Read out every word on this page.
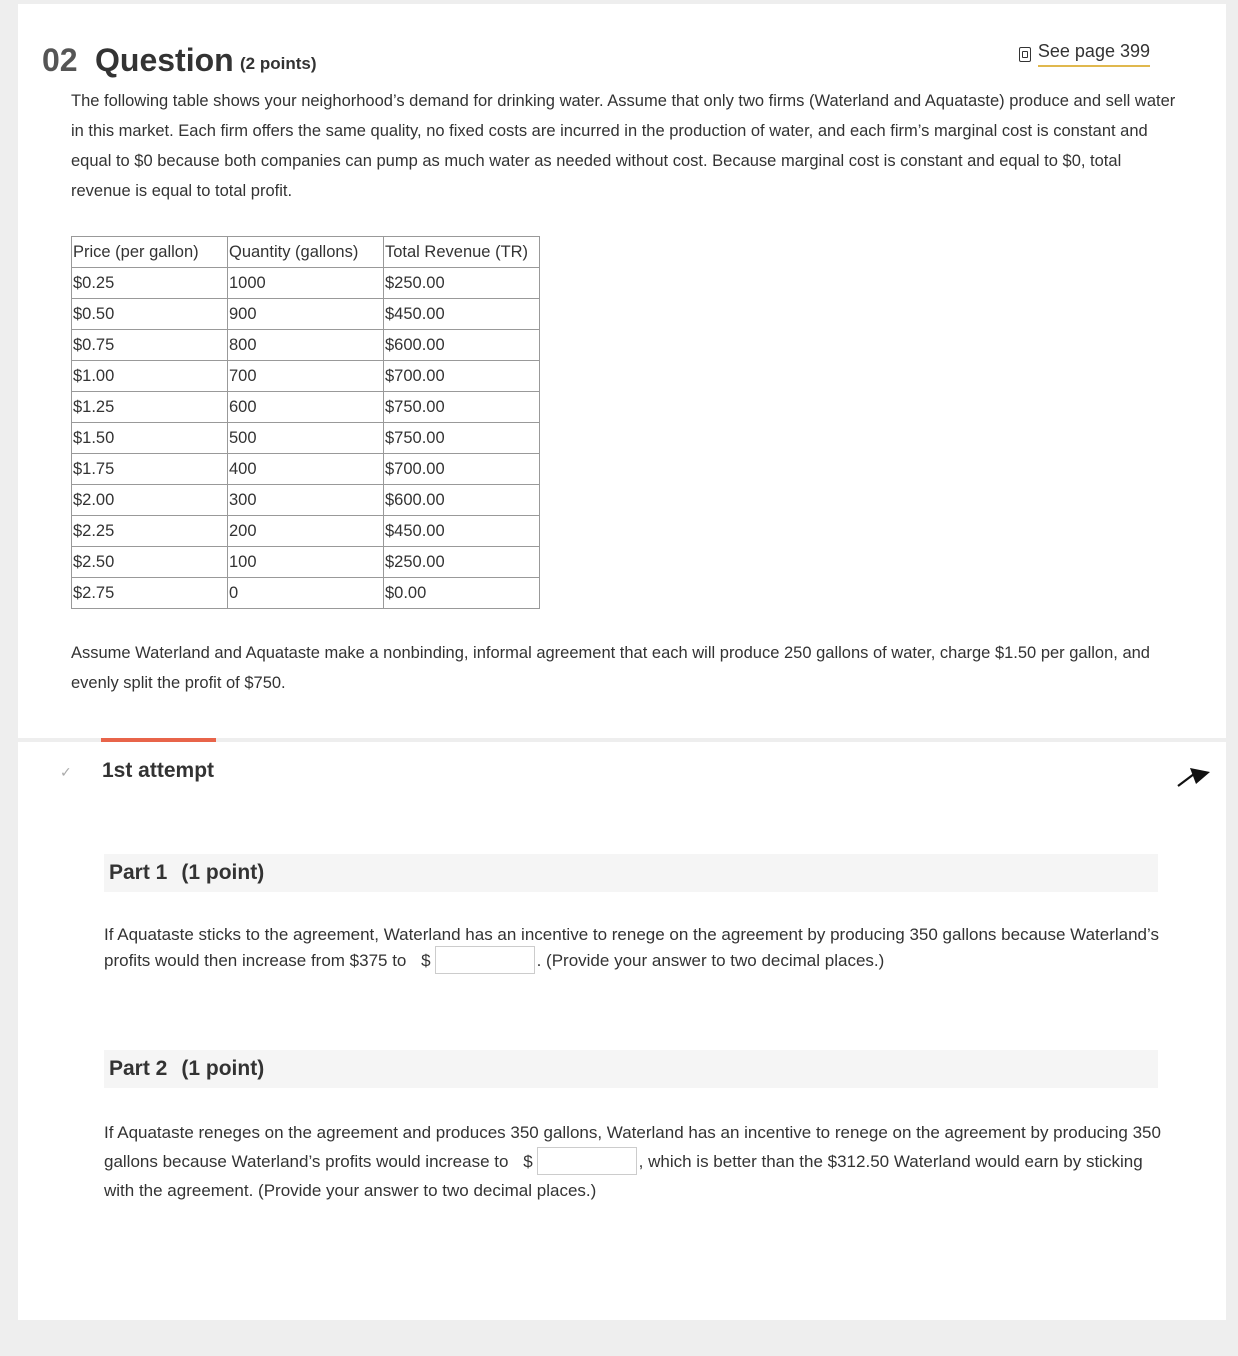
02 Question (2 points)
See page 399
The following table shows your neighorhood’s demand for drinking water. Assume that only two firms (Waterland and Aquataste) produce and sell water in this market. Each firm offers the same quality, no fixed costs are incurred in the production of water, and each firm’s marginal cost is constant and equal to $0 because both companies can pump as much water as needed without cost. Because marginal cost is constant and equal to $0, total revenue is equal to total profit.
Price (per gallon)	Quantity (gallons)	Total Revenue (TR)
$0.25	1000	$250.00
$0.50	900	$450.00
$0.75	800	$600.00
$1.00	700	$700.00
$1.25	600	$750.00
$1.50	500	$750.00
$1.75	400	$700.00
$2.00	300	$600.00
$2.25	200	$450.00
$2.50	100	$250.00
$2.75	0	$0.00
Assume Waterland and Aquataste make a nonbinding, informal agreement that each will produce 250 gallons of water, charge $1.50 per gallon, and evenly split the profit of $750.
✓ 1st attempt
Part 1 (1 point)
If Aquataste sticks to the agreement, Waterland has an incentive to renege on the agreement by producing 350 gallons because Waterland’s profits would then increase from $375 to $	. (Provide your answer to two decimal places.)
Part 2 (1 point)
If Aquataste reneges on the agreement and produces 350 gallons, Waterland has an incentive to renege on the agreement by producing 350 gallons because Waterland’s profits would increase to $	, which is better than the $312.50 Waterland would earn by sticking with the agreement. (Provide your answer to two decimal places.)
